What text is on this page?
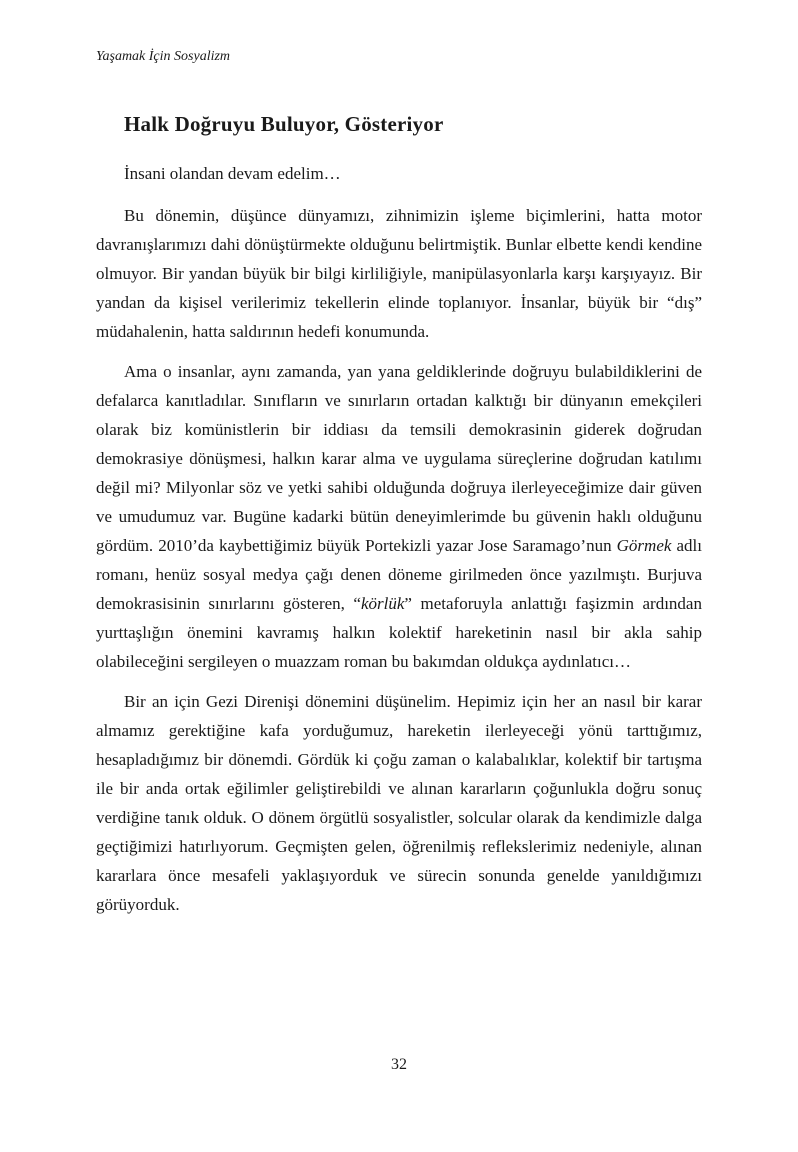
Yaşamak İçin Sosyalizm
Halk Doğruyu Buluyor, Gösteriyor

İnsani olandan devam edelim…

Bu dönemin, düşünce dünyamızı, zihnimizin işleme biçimlerini, hatta motor davranışlarımızı dahi dönüştürmekte olduğunu belirtmiştik. Bunlar elbette kendi kendine olmuyor. Bir yandan büyük bir bilgi kirliliğiyle, manipülasyonlarla karşı karşıyayız. Bir yandan da kişisel verilerimiz tekellerin elinde toplanıyor. İnsanlar, büyük bir “dış” müdahalenin, hatta saldırının hedefi konumunda.

Ama o insanlar, aynı zamanda, yan yana geldiklerinde doğruyu bulabildiklerini de defalarca kanıtladılar. Sınıfların ve sınırların ortadan kalktığı bir dünyanın emekçileri olarak biz komünistlerin bir iddiası da temsili demokrasinin giderek doğrudan demokrasiye dönüşmesi, halkın karar alma ve uygulama süreçlerine doğrudan katılımı değil mi? Milyonlar söz ve yetki sahibi olduğunda doğruya ilerleyeceğimize dair güven ve umudumuz var. Bugüne kadarki bütün deneyimlerimde bu güvenin haklı olduğunu gördüm. 2010’da kaybettiğimiz büyük Portekizli yazar Jose Saramago’nun Görmek adlı romanı, henüz sosyal medya çağı denen döneme girilmeden önce yazılmıştı. Burjuva demokrasisinin sınırlarını gösteren, “körlük” metaforuyla anlattığı faşizmin ardından yurttaşlığın önemini kavramış halkın kolektif hareketinin nasıl bir akla sahip olabileceğini sergileyen o muazzam roman bu bakımdan oldukça aydınlatıcı…

Bir an için Gezi Direnişi dönemini düşünelim. Hepimiz için her an nasıl bir karar almamız gerektiğine kafa yorduğumuz, hareketin ilerleyeceği yönü tarttığımız, hesapladığımız bir dönemdi. Gördük ki çoğu zaman o kalabalıklar, kolektif bir tartışma ile bir anda ortak eğilimler geliştirebildi ve alınan kararların çoğunlukla doğru sonuç verdiğine tanık olduk. O dönem örgütlü sosyalistler, solcular olarak da kendimizle dalga geçtiğimizi hatırlıyorum. Geçmişten gelen, öğrenilmiş reflekslerimiz nedeniyle, alınan kararlara önce mesafeli yaklaşıyorduk ve sürecin sonunda genelde yanıldığımızı görüyorduk.

32
